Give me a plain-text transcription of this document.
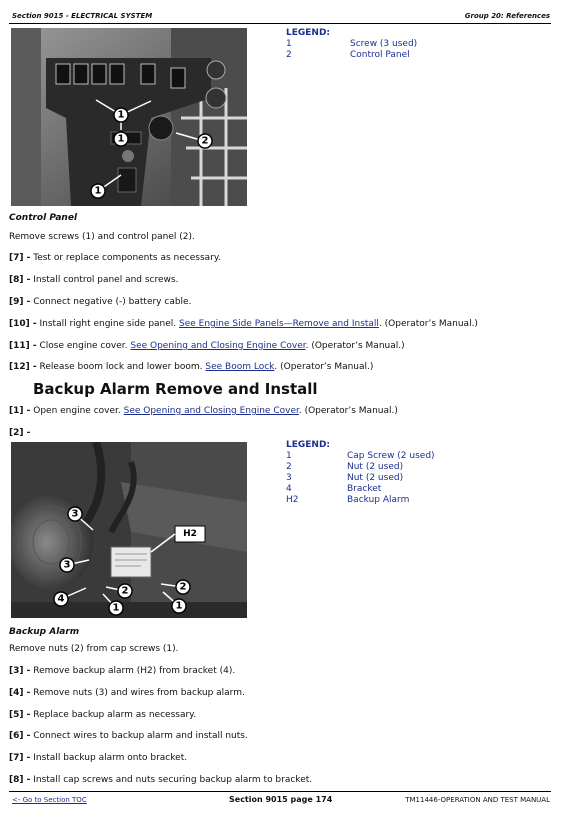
Section 9015 - ELECTRICAL SYSTEM	Group 20: References
1
1
1
2
LEGEND:
1	Screw (3 used)
2	Control Panel
Control Panel
Remove screws (1) and control panel (2).
[7] - Test or replace components as necessary.
[8] - Install control panel and screws.
[9] - Connect negative (-) battery cable.
[10] - Install right engine side panel. See Engine Side Panels—Remove and Install. (Operator’s Manual.)
[11] - Close engine cover. See Opening and Closing Engine Cover. (Operator’s Manual.)
[12] - Release boom lock and lower boom. See Boom Lock. (Operator’s Manual.)
Backup Alarm Remove and Install
[1] - Open engine cover. See Opening and Closing Engine Cover. (Operator’s Manual.)
[2] -
H2
3
3
4
2	2
1	1
LEGEND:
1	Cap Screw (2 used)
2	Nut (2 used)
3	Nut (2 used)
4	Bracket
H2	Backup Alarm
Backup Alarm
Remove nuts (2) from cap screws (1).
[3] - Remove backup alarm (H2) from bracket (4).
[4] - Remove nuts (3) and wires from backup alarm.
[5] - Replace backup alarm as necessary.
[6] - Connect wires to backup alarm and install nuts.
[7] - Install backup alarm onto bracket.
[8] - Install cap screws and nuts securing backup alarm to bracket.
<- Go to Section TOC	Section 9015 page 174	TM11446-OPERATION AND TEST MANUAL
